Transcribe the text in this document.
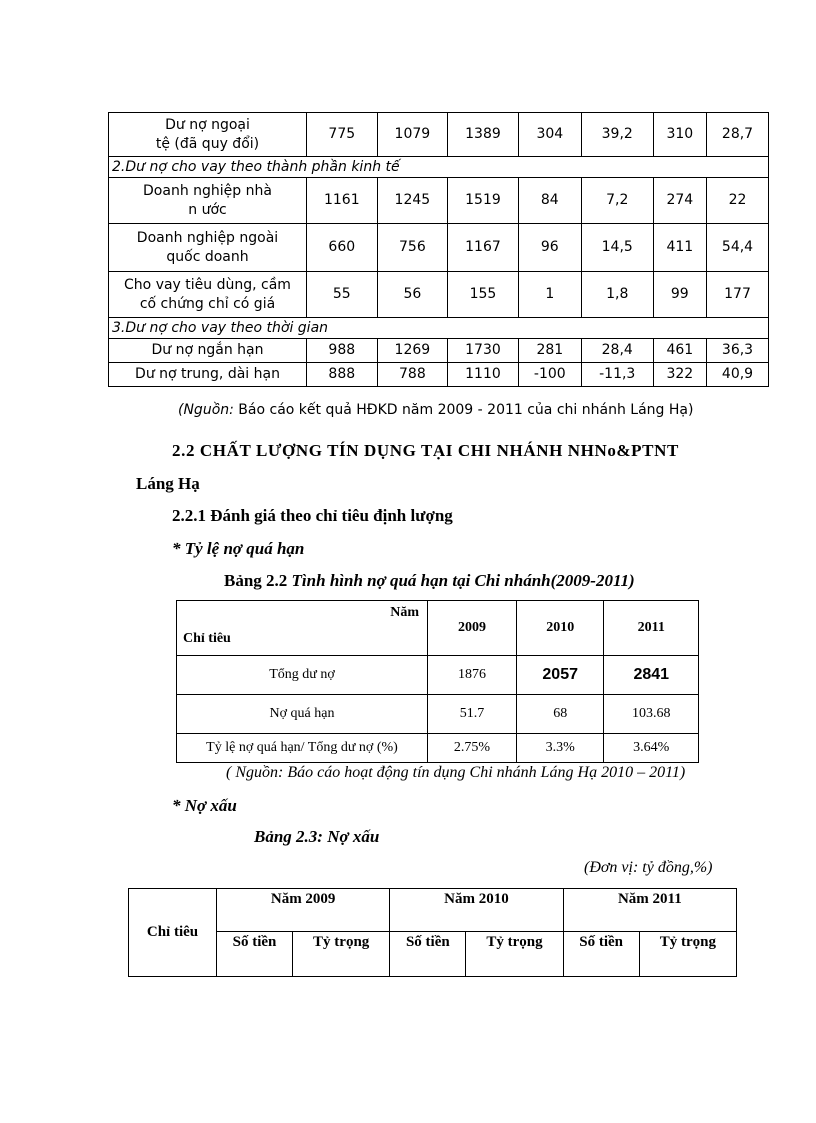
Dư nợ ngoại
tệ (đã quy đổi)	775	1079	1389	304	39,2	310	28,7
2.Dư nợ cho vay theo thành phần kinh tế							

Doanh nghiệp nhà
n ước	1161	1245	1519	84	7,2	274	22

Doanh nghiệp ngoài
quốc doanh	660	756	1167	96	14,5	411	54,4

Cho vay tiêu dùng, cầm
cố chứng chỉ có giá	55	56	155	1	1,8	99	177
3.Dư nợ cho vay theo thời gian							

Dư nợ ngắn hạn	988	1269	1730	281	28,4	461	36,3

Dư nợ trung, dài hạn	888	788	1110	-100	-11,3	322	40,9
(Nguồn: Báo cáo kết quả HĐKD năm 2009 - 2011 của chi nhánh Láng Hạ)
2.2 CHẤT LƯỢNG TÍN DỤNG TẠI CHI NHÁNH NHNo&PTNT
Láng Hạ
2.2.1 Đánh giá theo chỉ tiêu định lượng
* Tỷ lệ nợ quá hạn
Bảng 2.2 Tình hình nợ quá hạn tại Chi nhánh(2009-2011)
Năm
Chỉ tiêu	2009	2010	2011
Tổng dư nợ	1876	2057	2841
Nợ quá hạn	51.7	68	103.68
Tỷ lệ nợ quá hạn/ Tổng dư nợ (%)	2.75%	3.3%	3.64%
( Nguồn: Báo cáo hoạt động tín dụng Chi nhánh Láng Hạ 2010 – 2011)
* Nợ xấu
Bảng 2.3: Nợ xấu
(Đơn vị: tỷ đồng,%)
Chỉ tiêu	Năm 2009		Năm 2010		Năm 2011	
	Số tiền	Tỷ trọng	Số tiền	Tỷ trọng	Số tiền	Tỷ trọng
